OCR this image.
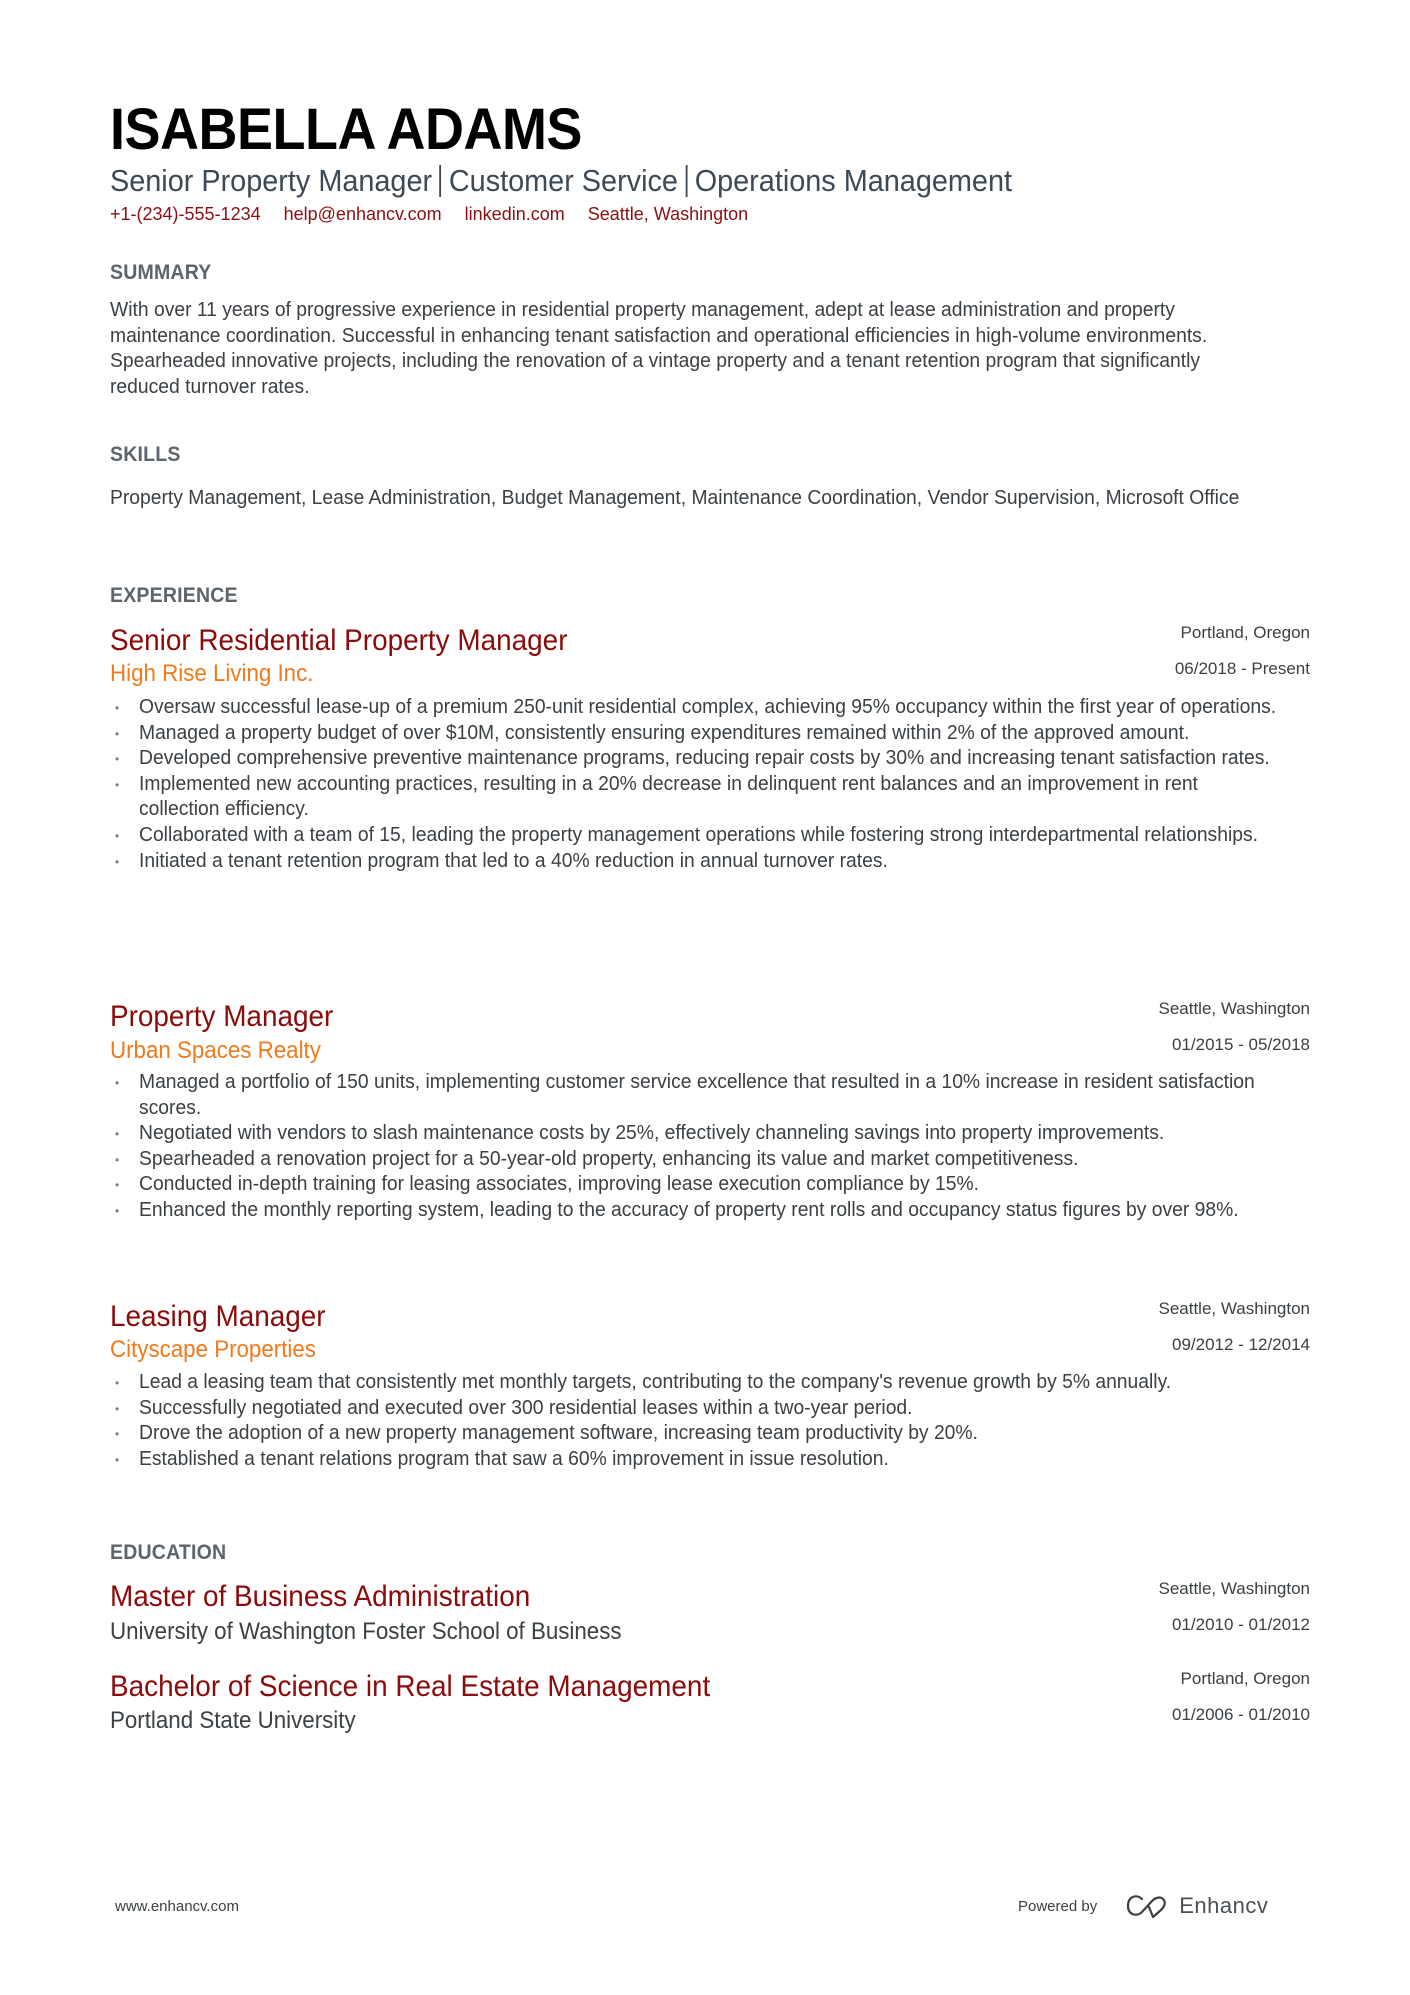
ISABELLA ADAMS
Senior Property Manager Customer Service Operations Management
+1-(234)-555-1234 help@enhancv.com linkedin.com Seattle, Washington
SUMMARY
With over 11 years of progressive experience in residential property management, adept at lease administration and property maintenance coordination. Successful in enhancing tenant satisfaction and operational efficiencies in high-volume environments. Spearheaded innovative projects, including the renovation of a vintage property and a tenant retention program that significantly reduced turnover rates.
SKILLS
Property Management, Lease Administration, Budget Management, Maintenance Coordination, Vendor Supervision, Microsoft Office
EXPERIENCE
Senior Residential Property Manager
High Rise Living Inc.
Portland, Oregon
06/2018 - Present
• Oversaw successful lease-up of a premium 250-unit residential complex, achieving 95% occupancy within the first year of operations.
• Managed a property budget of over $10M, consistently ensuring expenditures remained within 2% of the approved amount.
• Developed comprehensive preventive maintenance programs, reducing repair costs by 30% and increasing tenant satisfaction rates.
• Implemented new accounting practices, resulting in a 20% decrease in delinquent rent balances and an improvement in rent collection efficiency.
• Collaborated with a team of 15, leading the property management operations while fostering strong interdepartmental relationships.
• Initiated a tenant retention program that led to a 40% reduction in annual turnover rates.
Property Manager
Urban Spaces Realty
Seattle, Washington
01/2015 - 05/2018
• Managed a portfolio of 150 units, implementing customer service excellence that resulted in a 10% increase in resident satisfaction scores.
• Negotiated with vendors to slash maintenance costs by 25%, effectively channeling savings into property improvements.
• Spearheaded a renovation project for a 50-year-old property, enhancing its value and market competitiveness.
• Conducted in-depth training for leasing associates, improving lease execution compliance by 15%.
• Enhanced the monthly reporting system, leading to the accuracy of property rent rolls and occupancy status figures by over 98%.
Leasing Manager
Cityscape Properties
Seattle, Washington
09/2012 - 12/2014
• Lead a leasing team that consistently met monthly targets, contributing to the company's revenue growth by 5% annually.
• Successfully negotiated and executed over 300 residential leases within a two-year period.
• Drove the adoption of a new property management software, increasing team productivity by 20%.
• Established a tenant relations program that saw a 60% improvement in issue resolution.
EDUCATION
Master of Business Administration
University of Washington Foster School of Business
Seattle, Washington
01/2010 - 01/2012
Bachelor of Science in Real Estate Management
Portland State University
Portland, Oregon
01/2006 - 01/2010
www.enhancv.com	Powered by	Enhancv
